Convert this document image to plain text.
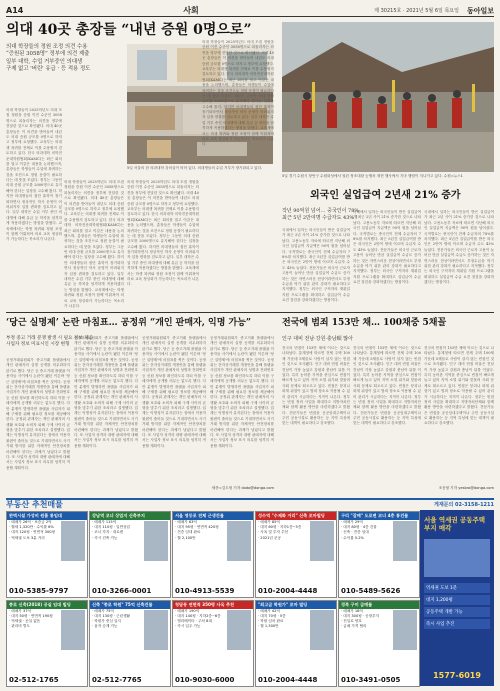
A14	사회	제 30215호 · 2021년 5월 6일 목요일 동아일보
의대 40곳 총장들 “내년 증원 0명으로”
의대 학장들의 정원 조정 의견 수용
“증원된 3058명” 정부에 의견 제출
일부 대학, 수업 거부중인 의대생
구제 없고 '버린' 유급 · 등 적용 정도
의대 학장들이 2025학년도 의대 모집 정원을 증원 이전 수준인 3058명으로 되돌리자는 의견을 정부에 전달한 것으로 확인됐다. 의대 40곳 총장들은 이 의견을 받아들여 내년도 의대 증원 규모를 0명으로 하자고 정부에 요청했다. 교육부는 의대생 복귀를 전제로 이를 수용할지 검토하고 있다. 한국 의과대학 의학전문대학원협회(KAMC)는 최근 회의를 열고 이같은 내용을 논의했으며, 총장들은 학생들이 수업에 복귀하는 것을 조건으로 정원 동결이 필요하다는 데 뜻을 모았다. 정부는 그동안 의대 증원 규모를 2000명으로 유지해야 한다는 입장을 고수해 왔다. 하지만 의대생들의 집단 휴학이 장기화하면서 정상적인 학사 운영이 어려워지자 입장 변화를 검토하고 있다. 일부 대학은 수업 거부 중인 의대생에 대해 유급 등 학칙을 엄격하게 적용하겠다는 방침을 밝혔다. 교육계에서는 학생 복귀와 정원 조정이 함께 이뤄져야 의료 교육 정상화가 가능하다는 목소리가 나온다.
5일 서울의 한 의과대학 강의실이 비어 있다. 의대생들의 수업 거부가 장기화되고 있다.
의대 학장들이 2025학년도 의대 모집 정원을 증원 이전 수준인 3058명으로 되돌리자는 의견을 정부에 전달한 것으로 확인됐다. 의대 40곳 총장들은 이 의견을 받아들여 내년도 의대 증원 규모를 0명으로 하자고 정부에 요청했다. 교육부는 의대생 복귀를 전제로 이를 수용할지 검토하고 있다. 한국 의과대학 의학전문대학원협회(KAMC)는 최근 회의를 열고 이같은 내용을 논의했으며, 총장들은 학생들이 수업에 복귀하는 것을 조건으로 정원 동결이 필요하다는 데 뜻을 모았다. 정부는 그동안 의대 증원 규모를 2000명으로 유지해야 한다는 입장을 고수해 왔다. 하지만 의대생들의 집단 휴학이 장기화하면서 정상적인 학사 운영이 어려워지자 입장 변화를 검토하고 있다. 일부 대학은 수업 거부 중인 의대생에 대해 유급 등 학칙을 엄격하게 적용하겠다는 방침을 밝혔다. 교육계에서는 학생 복귀와 정원 조정이 함께 이뤄져야 의료 교육 정상화가 가능하다는 목소리가 나온다.
의대 학장들이 2025학년도 의대 모집 정원을 증원 이전 수준인 3058명으로 되돌리자는 의견을 정부에 전달한 것으로 확인됐다. 의대 40곳 총장들은 이 의견을 받아들여 내년도 의대 증원 규모를 0명으로 하자고 정부에 요청했다. 교육부는 의대생 복귀를 전제로 이를 수용할지 검토하고 있다. 한국 의과대학 의학전문대학원협회(KAMC)는 최근 회의를 열고 이같은 내용을 논의했으며, 총장들은 학생들이 수업에 복귀하는 것을 조건으로 정원 동결이 필요하다는 데 뜻을 모았다. 정부는 그동안 의대 증원 규모를 2000명으로 유지해야 한다는 입장을 고수해 왔다. 하지만 의대생들의 집단 휴학이 장기화하면서 정상적인 학사 운영이 어려워지자 입장 변화를 검토하고 있다. 일부 대학은 수업 거부 중인 의대생에 대해 유급 등 학칙을 엄격하게 적용하겠다는 방침을 밝혔다. 교육계에서는 학생 복귀와 정원 조정이 함께 이뤄져야 의료 교육 정상화가 가능하다는 목소리가 나온다.
의대 학장들이 2025학년도 의대 모집 정원을 증원 이전 수준인 3058명으로 되돌리자는 의견을 정부에 전달한 것으로 확인됐다. 의대 40곳 총장들은 이 의견을 받아들여 내년도 의대 증원 규모를 0명으로 하자고 정부에 요청했다. 교육부는 의대생 복귀를 전제로 이를 수용할지 검토하고 있다. 한국 의과대학 의학전문대학원협회(KAMC)는 최근 회의를 열고 이같은 내용을 논의했으며, 총장들은 학생들이 수업에 복귀하는 것을 조건으로 정원 동결이 필요하다는 데 뜻을 모았다. 정부는 그동안 의대 증원 규모를 2000명으로 유지해야 한다는 입장을 고수해 왔다. 하지만 의대생들의 집단 휴학이 장기화하면서 정상적인 학사 운영이 어려워지자 입장 변화를 검토하고 있다. 일부 대학은 수업 거부 중인 의대생에 대해 유급 등 학칙을 엄격하게 적용하겠다는 방침을 밝혔다. 교육계에서는 학생 복귀와 정원 조정이 함께 이뤄져야 의료 교육 정상화가 가능하다는 목소리가 나온다.
5일 경기 수원시 장안구 수원화성에서 열린 정조대왕 능행차 재현 행사에서 기마 행렬이 지나가고 있다. 수원=뉴스1
외국인 실업급여 2년새 21% 증가
작년 90억원 넘어… 중국인이 78%
최근 5년 2만여명 수급자도 43%↑
국내에서 일하는 외국인들이 받은 실업급여가 최근 2년 사이 21% 증가한 것으로 나타났다. 고용노동부 자료에 따르면 지난해 외국인 실업급여 지급액은 90억 원을 넘어섰다. 국적별로는 중국인이 전체 수급자의 78%를 차지했다. 최근 5년간 실업급여를 받은 외국인은 2만여 명에 이르며 수급자 수도 43% 늘었다. 전문가들은 외국인 근로자 고용이 늘어난 만큼 실업급여 수급도 증가하는 것은 자연스러운 현상이라면서도 부정수급을 막기 위한 관리 강화가 필요하다고 지적했다. 정부는 외국인 구직자의 재취업 지원 프로그램을 확대하고 실업급여 수급 요건 점검을 강화하겠다는 방침이다.
국내에서 일하는 외국인들이 받은 실업급여가 최근 2년 사이 21% 증가한 것으로 나타났다. 고용노동부 자료에 따르면 지난해 외국인 실업급여 지급액은 90억 원을 넘어섰다. 국적별로는 중국인이 전체 수급자의 78%를 차지했다. 최근 5년간 실업급여를 받은 외국인은 2만여 명에 이르며 수급자 수도 43% 늘었다. 전문가들은 외국인 근로자 고용이 늘어난 만큼 실업급여 수급도 증가하는 것은 자연스러운 현상이라면서도 부정수급을 막기 위한 관리 강화가 필요하다고 지적했다. 정부는 외국인 구직자의 재취업 지원 프로그램을 확대하고 실업급여 수급 요건 점검을 강화하겠다는 방침이다.
국내에서 일하는 외국인들이 받은 실업급여가 최근 2년 사이 21% 증가한 것으로 나타났다. 고용노동부 자료에 따르면 지난해 외국인 실업급여 지급액은 90억 원을 넘어섰다. 국적별로는 중국인이 전체 수급자의 78%를 차지했다. 최근 5년간 실업급여를 받은 외국인은 2만여 명에 이르며 수급자 수도 43% 늘었다. 전문가들은 외국인 근로자 고용이 늘어난 만큼 실업급여 수급도 증가하는 것은 자연스러운 현상이라면서도 부정수급을 막기 위한 관리 강화가 필요하다고 지적했다. 정부는 외국인 구직자의 재취업 지원 프로그램을 확대하고 실업급여 수급 요건 점검을 강화하겠다는 방침이다.
‘당근 실명제’ 논란 마침표… 공정위 “개인 판매자, 익명 가능”
부정 중고 거래 분쟁 발생 시 필요 정보 제공
사업자 정보 미표시인 시장 변형
공정거래위원회가 중고거래 플랫폼에서 개인 판매자의 실명 공개를 의무화하지 않기로 했다. 당근 등 중고거래 플랫폼 이용자들 사이에서 논란이 됐던 이른바 '당근 실명제'에 마침표를 찍은 것이다. 공정위는 전자상거래법 개정안을 통해 플랫폼 사업자가 개인 판매자의 성명과 전화번호 등 신원 정보를 확인하도록 하되 이를 구매자에게 공개할 의무는 없도록 했다. 다만 분쟁이 발생하면 플랫폼 사업자가 피해 구제를 위해 필요한 정보를 제공해야 한다. 공정위 관계자는 개인 판매자의 사생활 보호와 소비자 피해 구제 사이의 균형을 맞추기 위한 조치라고 설명했다. 업계는 익명성이 유지된다는 점에서 이용자 불편이 줄어들 것으로 기대하면서도 사기 거래 방지를 위한 자체적인 안전장치를 마련해야 한다는 과제가 남았다고 밝혔다. 또 사업자 성격의 대량 판매자에 대해서는 사업자 정보 표시 의무를 엄격히 적용할 계획이다.
공정거래위원회가 중고거래 플랫폼에서 개인 판매자의 실명 공개를 의무화하지 않기로 했다. 당근 등 중고거래 플랫폼 이용자들 사이에서 논란이 됐던 이른바 '당근 실명제'에 마침표를 찍은 것이다. 공정위는 전자상거래법 개정안을 통해 플랫폼 사업자가 개인 판매자의 성명과 전화번호 등 신원 정보를 확인하도록 하되 이를 구매자에게 공개할 의무는 없도록 했다. 다만 분쟁이 발생하면 플랫폼 사업자가 피해 구제를 위해 필요한 정보를 제공해야 한다. 공정위 관계자는 개인 판매자의 사생활 보호와 소비자 피해 구제 사이의 균형을 맞추기 위한 조치라고 설명했다. 업계는 익명성이 유지된다는 점에서 이용자 불편이 줄어들 것으로 기대하면서도 사기 거래 방지를 위한 자체적인 안전장치를 마련해야 한다는 과제가 남았다고 밝혔다. 또 사업자 성격의 대량 판매자에 대해서는 사업자 정보 표시 의무를 엄격히 적용할 계획이다.
공정거래위원회가 중고거래 플랫폼에서 개인 판매자의 실명 공개를 의무화하지 않기로 했다. 당근 등 중고거래 플랫폼 이용자들 사이에서 논란이 됐던 이른바 '당근 실명제'에 마침표를 찍은 것이다. 공정위는 전자상거래법 개정안을 통해 플랫폼 사업자가 개인 판매자의 성명과 전화번호 등 신원 정보를 확인하도록 하되 이를 구매자에게 공개할 의무는 없도록 했다. 다만 분쟁이 발생하면 플랫폼 사업자가 피해 구제를 위해 필요한 정보를 제공해야 한다. 공정위 관계자는 개인 판매자의 사생활 보호와 소비자 피해 구제 사이의 균형을 맞추기 위한 조치라고 설명했다. 업계는 익명성이 유지된다는 점에서 이용자 불편이 줄어들 것으로 기대하면서도 사기 거래 방지를 위한 자체적인 안전장치를 마련해야 한다는 과제가 남았다고 밝혔다. 또 사업자 성격의 대량 판매자에 대해서는 사업자 정보 표시 의무를 엄격히 적용할 계획이다.
공정거래위원회가 중고거래 플랫폼에서 개인 판매자의 실명 공개를 의무화하지 않기로 했다. 당근 등 중고거래 플랫폼 이용자들 사이에서 논란이 됐던 이른바 '당근 실명제'에 마침표를 찍은 것이다. 공정위는 전자상거래법 개정안을 통해 플랫폼 사업자가 개인 판매자의 성명과 전화번호 등 신원 정보를 확인하도록 하되 이를 구매자에게 공개할 의무는 없도록 했다. 다만 분쟁이 발생하면 플랫폼 사업자가 피해 구제를 위해 필요한 정보를 제공해야 한다. 공정위 관계자는 개인 판매자의 사생활 보호와 소비자 피해 구제 사이의 균형을 맞추기 위한 조치라고 설명했다. 업계는 익명성이 유지된다는 점에서 이용자 불편이 줄어들 것으로 기대하면서도 사기 거래 방지를 위한 자체적인 안전장치를 마련해야 한다는 과제가 남았다고 밝혔다. 또 사업자 성격의 대량 판매자에 대해서는 사업자 정보 표시 의무를 엄격히 적용할 계획이다.
세종=김도형 기자 dodo@donga.com
전국에 범죄 153만 채… 100채중 5채꼴
인구 대비 전남·강원·충남順 많아
전국의 빈집이 153만 채에 이르는 것으로 나타났다. 통계청에 따르면 전체 주택 100채 가운데 5채꼴로 사람이 살지 않는 빈집인 것으로 조사됐다. 인구 대비 빈집 비율은 전남이 가장 높았고 강원과 충남이 뒤를 이었다. 특히 농어촌 지역을 중심으로 빈집이 빠르게 늘고 있어 지역 소멸 위기와 맞물려 사회 문제로 떠오르고 있다. 빈집은 붕괴나 화재 위험이 있고 범죄 장소로 악용될 수 있어 관리가 시급하다는 지적이 나온다. 정부는 빈집 정비 사업을 확대하고 지방자치단체와 함께 활용 방안을 마련하겠다고 밝혔다. 전문가들은 빈집을 공공임대주택이나 주민 공동시설로 활용하는 등 지역 특성에 맞는 대책이 필요하다고 강조했다.
전국의 빈집이 153만 채에 이르는 것으로 나타났다. 통계청에 따르면 전체 주택 100채 가운데 5채꼴로 사람이 살지 않는 빈집인 것으로 조사됐다. 인구 대비 빈집 비율은 전남이 가장 높았고 강원과 충남이 뒤를 이었다. 특히 농어촌 지역을 중심으로 빈집이 빠르게 늘고 있어 지역 소멸 위기와 맞물려 사회 문제로 떠오르고 있다. 빈집은 붕괴나 화재 위험이 있고 범죄 장소로 악용될 수 있어 관리가 시급하다는 지적이 나온다. 정부는 빈집 정비 사업을 확대하고 지방자치단체와 함께 활용 방안을 마련하겠다고 밝혔다. 전문가들은 빈집을 공공임대주택이나 주민 공동시설로 활용하는 등 지역 특성에 맞는 대책이 필요하다고 강조했다.
전국의 빈집이 153만 채에 이르는 것으로 나타났다. 통계청에 따르면 전체 주택 100채 가운데 5채꼴로 사람이 살지 않는 빈집인 것으로 조사됐다. 인구 대비 빈집 비율은 전남이 가장 높았고 강원과 충남이 뒤를 이었다. 특히 농어촌 지역을 중심으로 빈집이 빠르게 늘고 있어 지역 소멸 위기와 맞물려 사회 문제로 떠오르고 있다. 빈집은 붕괴나 화재 위험이 있고 범죄 장소로 악용될 수 있어 관리가 시급하다는 지적이 나온다. 정부는 빈집 정비 사업을 확대하고 지방자치단체와 함께 활용 방안을 마련하겠다고 밝혔다. 전문가들은 빈집을 공공임대주택이나 주민 공동시설로 활용하는 등 지역 특성에 맞는 대책이 필요하다고 강조했다.
조응형 기자 yesbro@donga.com
부동산 추천매물	게재문의 02-3158-1211
완벽시설 가성비 원룸 통임대
· 매매가 26억 · 보증금 2억
· 월세 1,320만 · 수익률 6%
· 대지 120평 · 연면적 300평
· 역세권 도보 3분 거리
010-5385-9797
강남역 코너 상업지 신축부지
· 매매가 115억
· 대지 110평 · 일반상업
· 코너 각지 · 대로변
· 즉시 건축 가능
010-3266-0001
서울 영등포 전체 근생건물
· 매매가 63억
· 대지 95평 · 연면적 420평
· 전층 임대 완료
· 월 2,100만
010-4913-5539
성수역 "수제화 거리" 신축 꼬마빌딩
· 매매가 85억
· 대지 60평 · 지하1층~5층
· 사옥 및 투자 추천
· 2021년 준공
010-2004-4448
구리 "갈매" 도로변 코너 4층 통건물
· 매매가 29억
· 대지 80평 · 4층 건물
· 신축 · 전층 임대
· 수익률 5.2%
010-5489-5626
종로 신축(2018) 공실 임대 빌딩
· 매매가 37억
· 대지 50평 · 연면적 190평
· 역세권 · 공실 없음
· 관리비 별도
02-512-1765
신축 "종로 학원" 75억 신축건물
· 매매가 75억
· 대지 130평 · 근린생활
· 학원가 중심 입지
· 융자 승계 가능
02-512-7765
청담동 연면적 350평 사옥 추천
· 매매가 190억
· 대지 140평 · 지하2층~6층
· 엘리베이터 · 주차 8대
· 즉시 입주 가능
010-9030-6000
"최고급 학원가" 꼬마 빌딩
· 매매가 42억
· 대지 70평 · 5층
· 학원 임차 완료
· 월 1,500만
010-2004-4448
경북 구미 급매물
· 매매가 18억
· 대지 300평 · 공장부지
· 진입로 양호
· 급매 가격 협의
010-3491-0505
서울 역세권 공동주택 부지 매각
역세권 도보 1분
대지 1,200평
공동주택 개발 가능
즉시 사업 추진
1577-6019
